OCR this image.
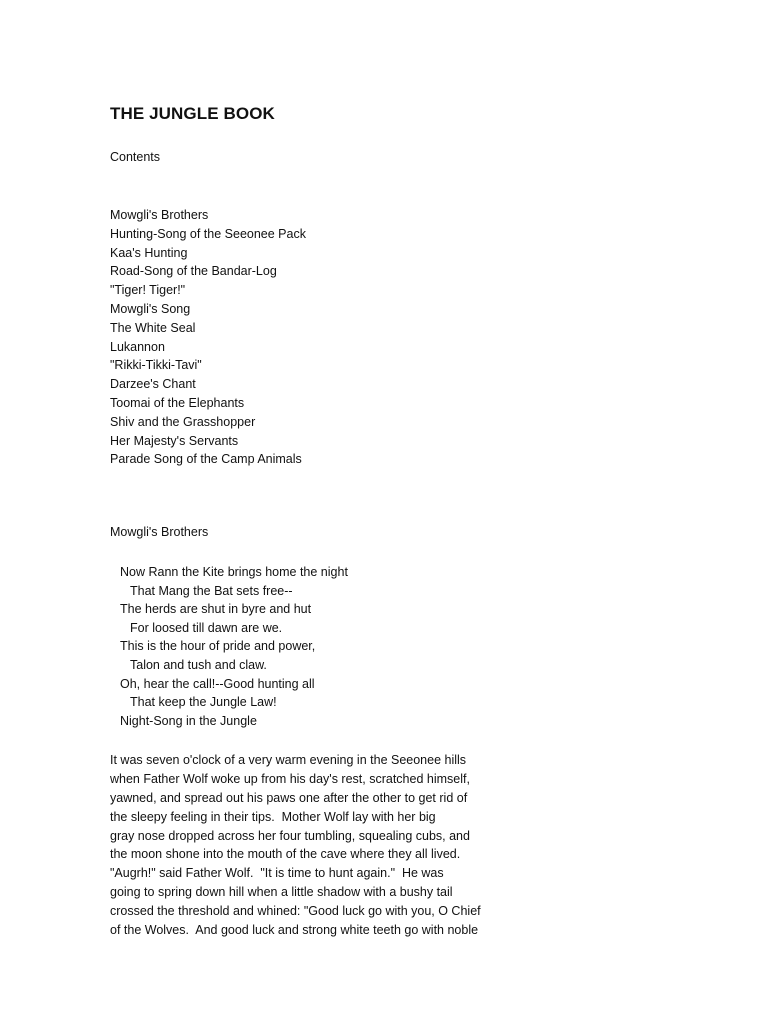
THE JUNGLE BOOK
Contents
Mowgli's Brothers
Hunting-Song of the Seeonee Pack
Kaa's Hunting
Road-Song of the Bandar-Log
"Tiger! Tiger!"
Mowgli's Song
The White Seal
Lukannon
"Rikki-Tikki-Tavi"
Darzee's Chant
Toomai of the Elephants
Shiv and the Grasshopper
Her Majesty's Servants
Parade Song of the Camp Animals
Mowgli's Brothers
Now Rann the Kite brings home the night
That Mang the Bat sets free--
The herds are shut in byre and hut
For loosed till dawn are we.
This is the hour of pride and power,
Talon and tush and claw.
Oh, hear the call!--Good hunting all
That keep the Jungle Law!
Night-Song in the Jungle
It was seven o'clock of a very warm evening in the Seeonee hills
when Father Wolf woke up from his day's rest, scratched himself,
yawned, and spread out his paws one after the other to get rid of
the sleepy feeling in their tips.  Mother Wolf lay with her big
gray nose dropped across her four tumbling, squealing cubs, and
the moon shone into the mouth of the cave where they all lived.
"Augrh!" said Father Wolf.  "It is time to hunt again."  He was
going to spring down hill when a little shadow with a bushy tail
crossed the threshold and whined: "Good luck go with you, O Chief
of the Wolves.  And good luck and strong white teeth go with noble
